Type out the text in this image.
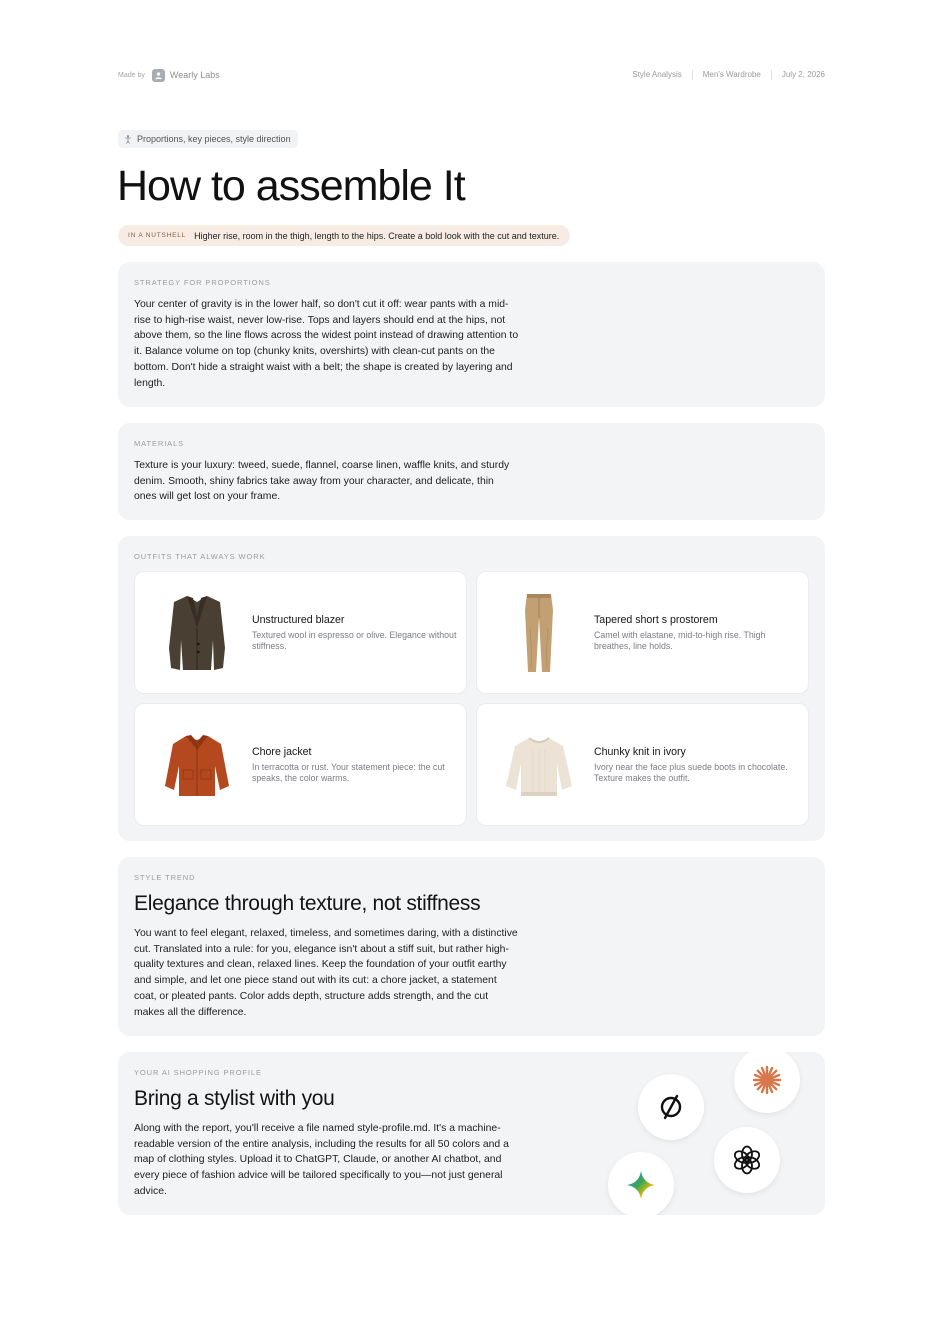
Made by	Wearly Labs	Style Analysis	Men's Wardrobe	July 2, 2026
Proportions, key pieces, style direction
How to assemble It
IN A NUTSHELL Higher rise, room in the thigh, length to the hips. Create a bold look with the cut and texture.
STRATEGY FOR PROPORTIONS

Your center of gravity is in the lower half, so don't cut it off: wear pants with a mid-rise to high-rise waist, never low-rise. Tops and layers should end at the hips, not above them, so the line flows across the widest point instead of drawing attention to it. Balance volume on top (chunky knits, overshirts) with clean-cut pants on the bottom. Don't hide a straight waist with a belt; the shape is created by layering and length.

MATERIALS

Texture is your luxury: tweed, suede, flannel, coarse linen, waffle knits, and sturdy denim. Smooth, shiny fabrics take away from your character, and delicate, thin ones will get lost on your frame.

OUTFITS THAT ALWAYS WORK
Unstructured blazer
Textured wool in espresso or olive. Elegance without stiffness.
Tapered short s prostorem
Camel with elastane, mid-to-high rise. Thigh breathes, line holds.
Chore jacket
In terracotta or rust. Your statement piece: the cut speaks, the color warms.
Chunky knit in ivory
Ivory near the face plus suede boots in chocolate. Texture makes the outfit.
STYLE TREND
Elegance through texture, not stiffness

You want to feel elegant, relaxed, timeless, and sometimes daring, with a distinctive cut. Translated into a rule: for you, elegance isn't about a stiff suit, but rather high-quality textures and clean, relaxed lines. Keep the foundation of your outfit earthy and simple, and let one piece stand out with its cut: a chore jacket, a statement coat, or pleated pants. Color adds depth, structure adds strength, and the cut makes all the difference.

YOUR AI SHOPPING PROFILE
Bring a stylist with you

Along with the report, you'll receive a file named style-profile.md. It's a machine-readable version of the entire analysis, including the results for all 50 colors and a map of clothing styles. Upload it to ChatGPT, Claude, or another AI chatbot, and every piece of fashion advice will be tailored specifically to you—not just general advice.
